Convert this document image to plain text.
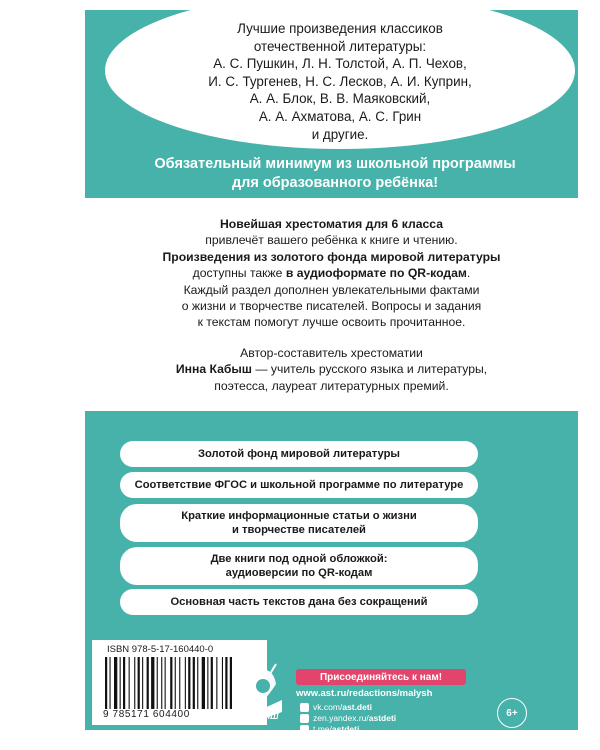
Лучшие произведения классиков
отечественной литературы:
А. С. Пушкин, Л. Н. Толстой, А. П. Чехов,
И. С. Тургенев, Н. С. Лесков, А. И. Куприн,
А. А. Блок, В. В. Маяковский,
А. А. Ахматова, А. С. Грин
и другие.
Обязательный минимум из школьной программы
для образованного ребёнка!
Новейшая хрестоматия для 6 класса
привлечёт вашего ребёнка к книге и чтению.
Произведения из золотого фонда мировой литературы
доступны также в аудиоформате по QR-кодам.
Каждый раздел дополнен увлекательными фактами
о жизни и творчестве писателей. Вопросы и задания
к текстам помогут лучше освоить прочитанное.
Автор-составитель хрестоматии
Инна Кабыш — учитель русского языка и литературы,
поэтесса, лауреат литературных премий.
Золотой фонд мировой литературы
Соответствие ФГОС и школьной программе по литературе
Краткие информационные статьи о жизни
и творчестве писателей
Две книги под одной обложкой:
аудиоверсии по QR-кодам
Основная часть текстов дана без сокращений
ISBN 978-5-17-160440-0
9 785171 604400	МАЛЫШ
Присоединяйтесь к нам!
www.ast.ru/redactions/malysh
vk.com/ast.deti
zen.yandex.ru/astdeti
t.me/astdeti
6+
